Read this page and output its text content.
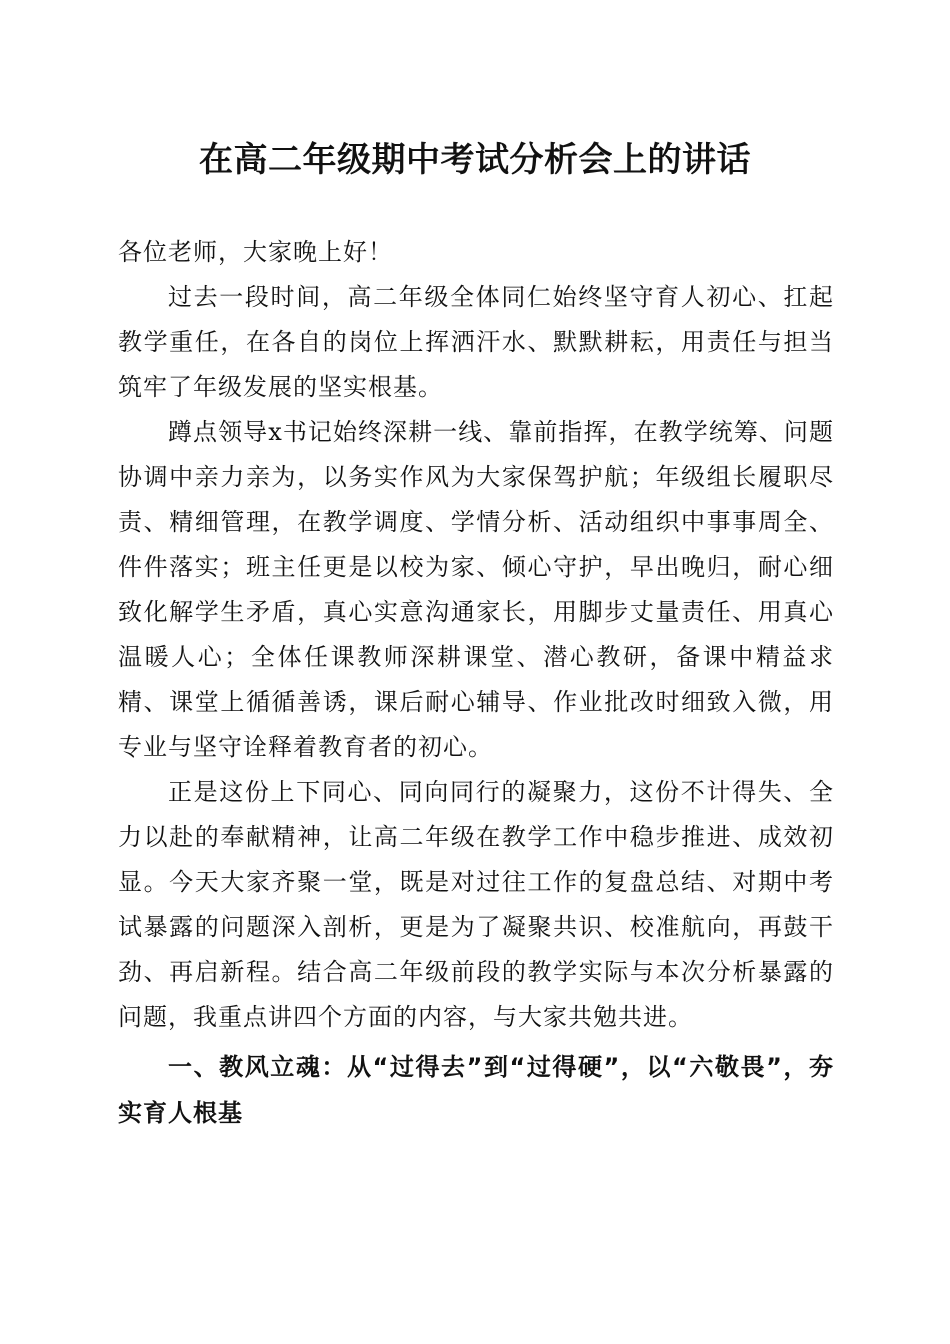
在高二年级期中考试分析会上的讲话

各位老师，大家晚上好！

过去一段时间，高二年级全体同仁始终坚守育人初心、扛起教学重任，在各自的岗位上挥洒汗水、默默耕耘，用责任与担当筑牢了年级发展的坚实根基。

蹲点领导x书记始终深耕一线、靠前指挥，在教学统筹、问题协调中亲力亲为，以务实作风为大家保驾护航；年级组长履职尽责、精细管理，在教学调度、学情分析、活动组织中事事周全、件件落实；班主任更是以校为家、倾心守护，早出晚归，耐心细致化解学生矛盾，真心实意沟通家长，用脚步丈量责任、用真心温暖人心；全体任课教师深耕课堂、潜心教研，备课中精益求精、课堂上循循善诱，课后耐心辅导、作业批改时细致入微，用专业与坚守诠释着教育者的初心。

正是这份上下同心、同向同行的凝聚力，这份不计得失、全力以赴的奉献精神，让高二年级在教学工作中稳步推进、成效初显。今天大家齐聚一堂，既是对过往工作的复盘总结、对期中考试暴露的问题深入剖析，更是为了凝聚共识、校准航向，再鼓干劲、再启新程。结合高二年级前段的教学实际与本次分析暴露的问题，我重点讲四个方面的内容，与大家共勉共进。

一、教风立魂：从“过得去”到“过得硬”，以“六敬畏”，夯实育人根基
